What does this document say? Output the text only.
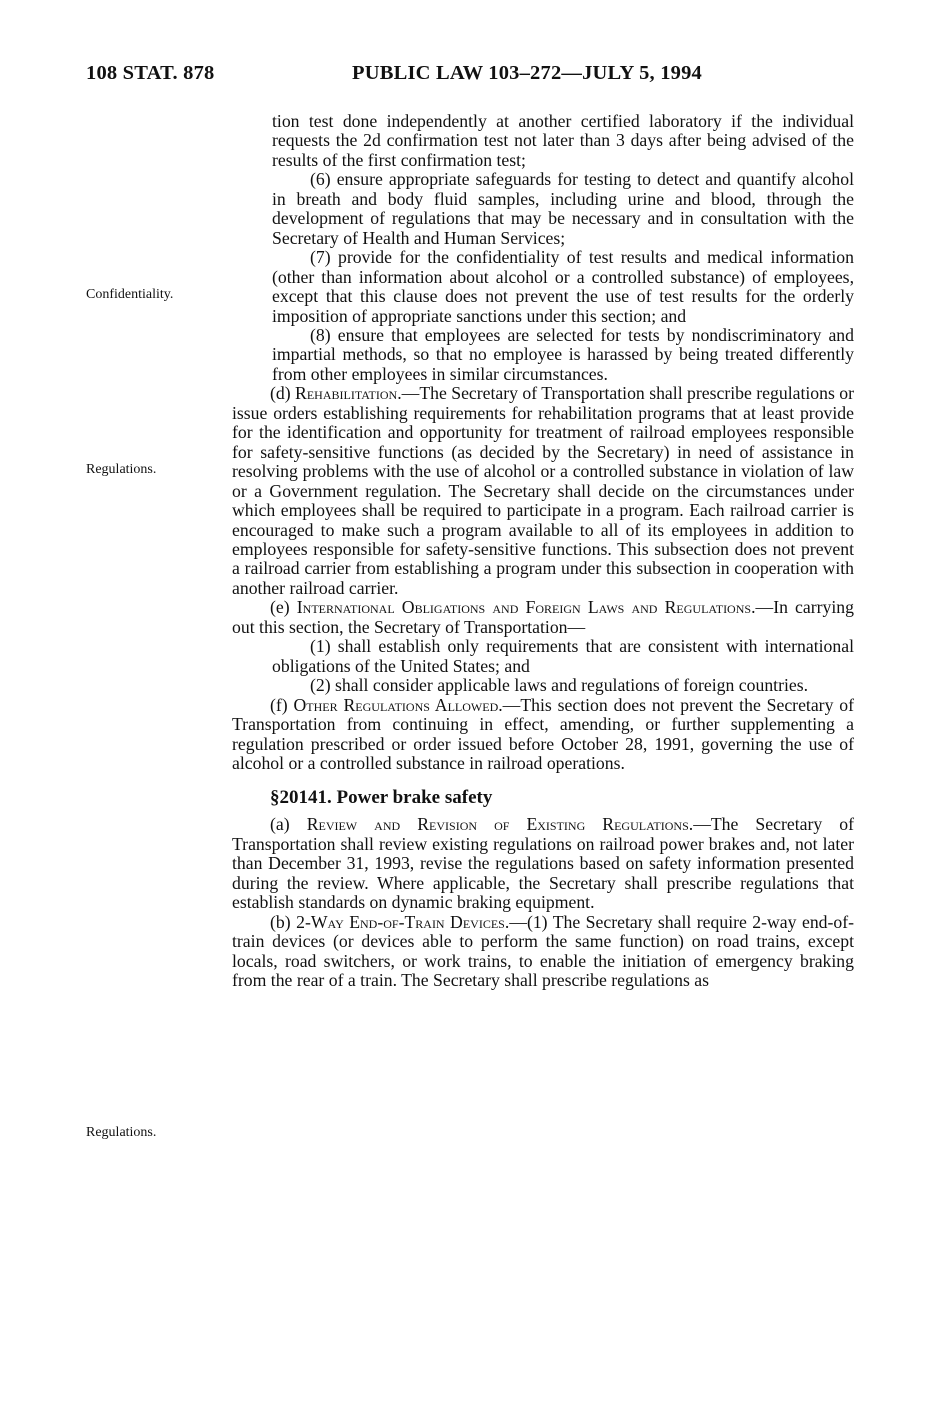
108 STAT. 878	PUBLIC LAW 103–272—JULY 5, 1994
Confidentiality.
Regulations.
Regulations.

tion test done independently at another certified laboratory if the individual requests the 2d confirmation test not later than 3 days after being advised of the results of the first confirmation test;

(6) ensure appropriate safeguards for testing to detect and quantify alcohol in breath and body fluid samples, including urine and blood, through the development of regulations that may be necessary and in consultation with the Secretary of Health and Human Services;

(7) provide for the confidentiality of test results and medical information (other than information about alcohol or a controlled substance) of employees, except that this clause does not prevent the use of test results for the orderly imposition of appropriate sanctions under this section; and

(8) ensure that employees are selected for tests by nondiscriminatory and impartial methods, so that no employee is harassed by being treated differently from other employees in similar circumstances.

(d) Rehabilitation.—The Secretary of Transportation shall prescribe regulations or issue orders establishing requirements for rehabilitation programs that at least provide for the identification and opportunity for treatment of railroad employees responsible for safety-sensitive functions (as decided by the Secretary) in need of assistance in resolving problems with the use of alcohol or a controlled substance in violation of law or a Government regulation. The Secretary shall decide on the circumstances under which employees shall be required to participate in a program. Each railroad carrier is encouraged to make such a program available to all of its employees in addition to employees responsible for safety-sensitive functions. This subsection does not prevent a railroad carrier from establishing a program under this subsection in cooperation with another railroad carrier.

(e) International Obligations and Foreign Laws and Regulations.—In carrying out this section, the Secretary of Transportation—

(1) shall establish only requirements that are consistent with international obligations of the United States; and

(2) shall consider applicable laws and regulations of foreign countries.

(f) Other Regulations Allowed.—This section does not prevent the Secretary of Transportation from continuing in effect, amending, or further supplementing a regulation prescribed or order issued before October 28, 1991, governing the use of alcohol or a controlled substance in railroad operations.

§20141. Power brake safety

(a) Review and Revision of Existing Regulations.—The Secretary of Transportation shall review existing regulations on railroad power brakes and, not later than December 31, 1993, revise the regulations based on safety information presented during the review. Where applicable, the Secretary shall prescribe regulations that establish standards on dynamic braking equipment.

(b) 2-Way End-of-Train Devices.—(1) The Secretary shall require 2-way end-of-train devices (or devices able to perform the same function) on road trains, except locals, road switchers, or work trains, to enable the initiation of emergency braking from the rear of a train. The Secretary shall prescribe regulations as
